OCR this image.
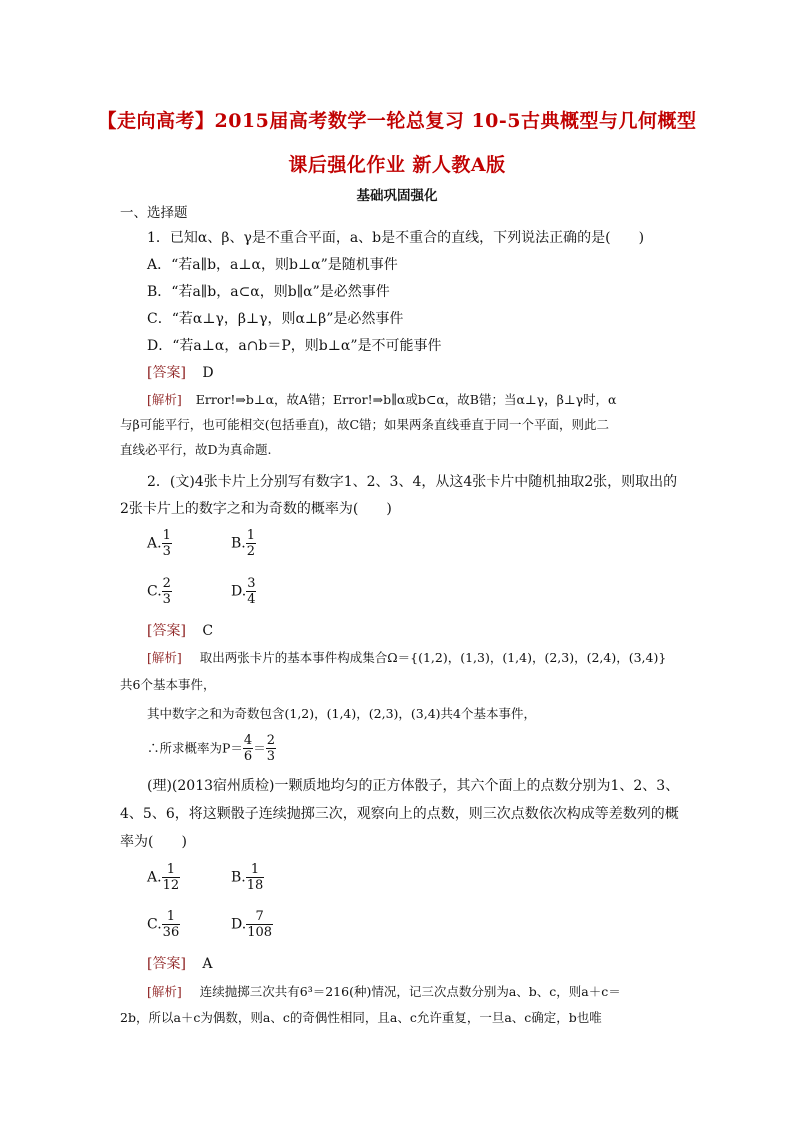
【走向高考】2015届高考数学一轮总复习 10-5古典概型与几何概型
课后强化作业 新人教A版
基础巩固强化
一、选择题
1．已知α、β、γ是不重合平面，a、b是不重合的直线，下列说法正确的是(　　)
A．“若a∥b，a⊥α，则b⊥α”是随机事件
B．“若a∥b，a⊂α，则b∥α”是必然事件
C．“若α⊥γ，β⊥γ，则α⊥β”是必然事件
D．“若a⊥α，a∩b＝P，则b⊥α”是不可能事件
[答案] D
[解析] Error!⇒b⊥α，故A错；Error!⇒b∥α或b⊂α，故B错；当α⊥γ，β⊥γ时，α
与β可能平行，也可能相交(包括垂直)，故C错；如果两条直线垂直于同一个平面，则此二
直线必平行，故D为真命题.
2．(文)4张卡片上分别写有数字1、2、3、4，从这4张卡片中随机抽取2张，则取出的
2张卡片上的数字之和为奇数的概率为(　　)
A. $\frac{1}{3}$	B. $\frac{1}{2}$
C. $\frac{2}{3}$	D. $\frac{3}{4}$
[答案] C
[解析] 取出两张卡片的基本事件构成集合Ω＝{(1,2)，(1,3)，(1,4)，(2,3)，(2,4)，(3,4)}
共6个基本事件，
其中数字之和为奇数包含(1,2)，(1,4)，(2,3)，(3,4)共4个基本事件，
∴所求概率为$P= \frac{4}{6} = \frac{2}{3}$
(理)(2013宿州质检)一颗质地均匀的正方体骰子，其六个面上的点数分别为1、2、3、
4、5、6，将这颗骰子连续抛掷三次，观察向上的点数，则三次点数依次构成等差数列的概
率为(　　)
A. $\frac{1}{12}$	B. $\frac{1}{18}$
C. $\frac{1}{36}$	D. $\frac{7}{108}$
[答案] A
[解析] 连续抛掷三次共有6³＝216(种)情况，记三次点数分别为a、b、c，则a＋c＝
2b，所以a＋c为偶数，则a、c的奇偶性相同，且a、c允许重复，一旦a、c确定，b也唯
